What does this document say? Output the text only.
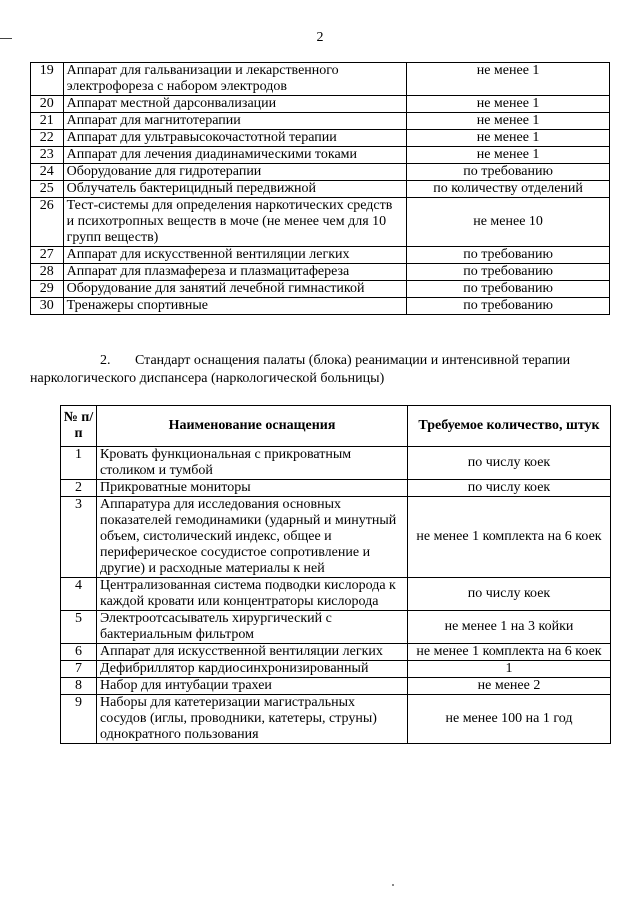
2
19	Аппарат для гальванизации и лекарственного электрофореза с набором электродов	не менее 1
20	Аппарат местной дарсонвализации	не менее 1
21	Аппарат для магнитотерапии	не менее 1
22	Аппарат для ультравысокочастотной терапии	не менее 1
23	Аппарат для лечения диадинамическими токами	не менее 1
24	Оборудование для гидротерапии	по требованию
25	Облучатель бактерицидный передвижной	по количеству отделений
26	Тест-системы для определения наркотических средств и психотропных веществ в моче (не менее чем для 10 групп веществ)	не менее 10
27	Аппарат для искусственной вентиляции легких	по требованию
28	Аппарат для плазмафереза и плазмацитафереза	по требованию
29	Оборудование для занятий лечебной гимнастикой	по требованию
30	Тренажеры спортивные	по требованию
2.       Стандарт оснащения палаты (блока) реанимации и интенсивной терапии
наркологического диспансера (наркологической больницы)
№ п/п	Наименование оснащения	Требуемое количество, штук
1	Кровать функциональная с прикроватным столиком и тумбой	по числу коек
2	Прикроватные мониторы	по числу коек
3	Аппаратура для исследования основных показателей гемодинамики (ударный и минутный объем, систолический индекс, общее и периферическое сосудистое сопротивление и другие) и расходные материалы к ней	не менее 1 комплекта на 6 коек
4	Централизованная система подводки кислорода к каждой кровати или концентраторы кислорода	по числу коек
5	Электроотсасыватель хирургический с бактериальным фильтром	не менее 1 на 3 койки
6	Аппарат для искусственной вентиляции легких	не менее 1 комплекта на 6 коек
7	Дефибриллятор кардиосинхронизированный	1
8	Набор для интубации трахеи	не менее 2
9	Наборы для катетеризации магистральных сосудов (иглы, проводники, катетеры, струны) однократного пользования	не менее 100 на 1 год
